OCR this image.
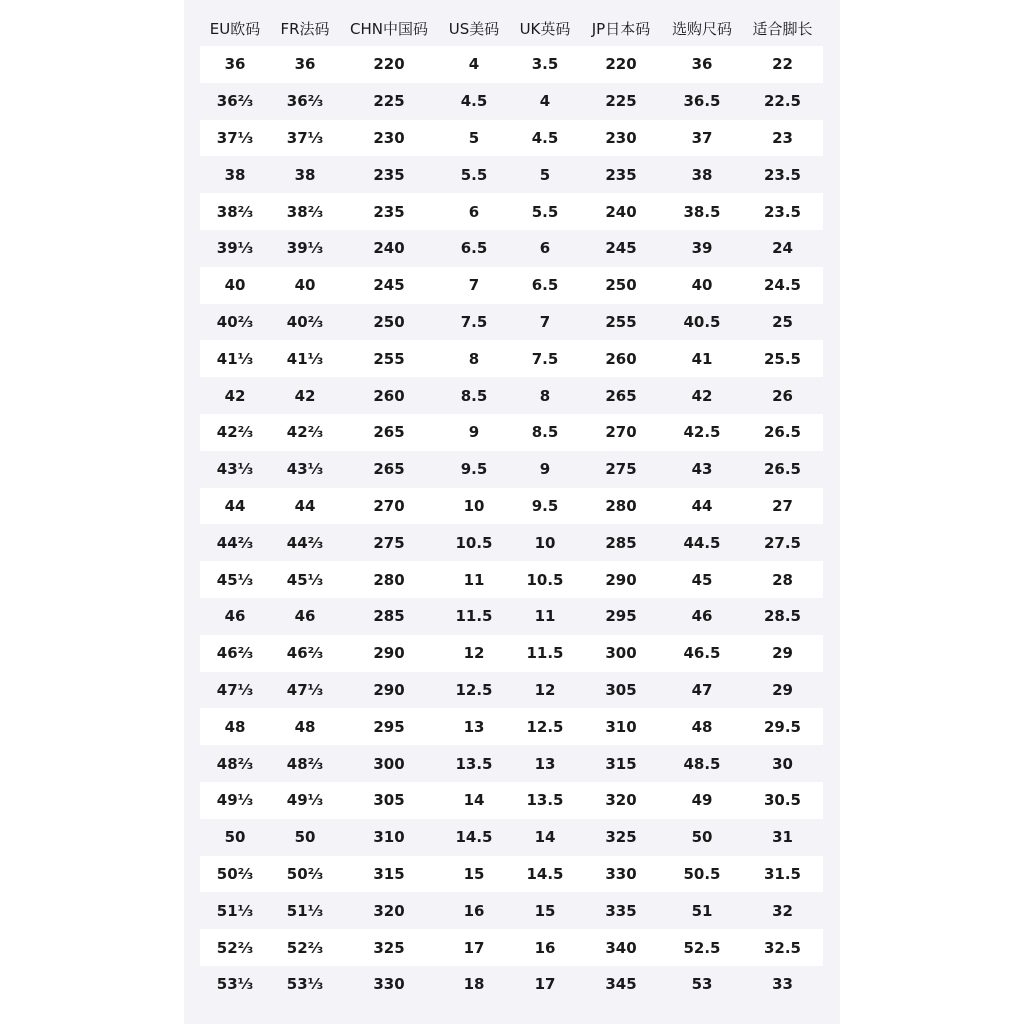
EU欧码	FR法码	CHN中国码	US美码	UK英码	JP日本码	选购尺码	适合脚长
36	36	220	4	3.5	220	36	22
36⅔	36⅔	225	4.5	4	225	36.5	22.5
37⅓	37⅓	230	5	4.5	230	37	23
38	38	235	5.5	5	235	38	23.5
38⅔	38⅔	235	6	5.5	240	38.5	23.5
39⅓	39⅓	240	6.5	6	245	39	24
40	40	245	7	6.5	250	40	24.5
40⅔	40⅔	250	7.5	7	255	40.5	25
41⅓	41⅓	255	8	7.5	260	41	25.5
42	42	260	8.5	8	265	42	26
42⅔	42⅔	265	9	8.5	270	42.5	26.5
43⅓	43⅓	265	9.5	9	275	43	26.5
44	44	270	10	9.5	280	44	27
44⅔	44⅔	275	10.5	10	285	44.5	27.5
45⅓	45⅓	280	11	10.5	290	45	28
46	46	285	11.5	11	295	46	28.5
46⅔	46⅔	290	12	11.5	300	46.5	29
47⅓	47⅓	290	12.5	12	305	47	29
48	48	295	13	12.5	310	48	29.5
48⅔	48⅔	300	13.5	13	315	48.5	30
49⅓	49⅓	305	14	13.5	320	49	30.5
50	50	310	14.5	14	325	50	31
50⅔	50⅔	315	15	14.5	330	50.5	31.5
51⅓	51⅓	320	16	15	335	51	32
52⅔	52⅔	325	17	16	340	52.5	32.5
53⅓	53⅓	330	18	17	345	53	33
